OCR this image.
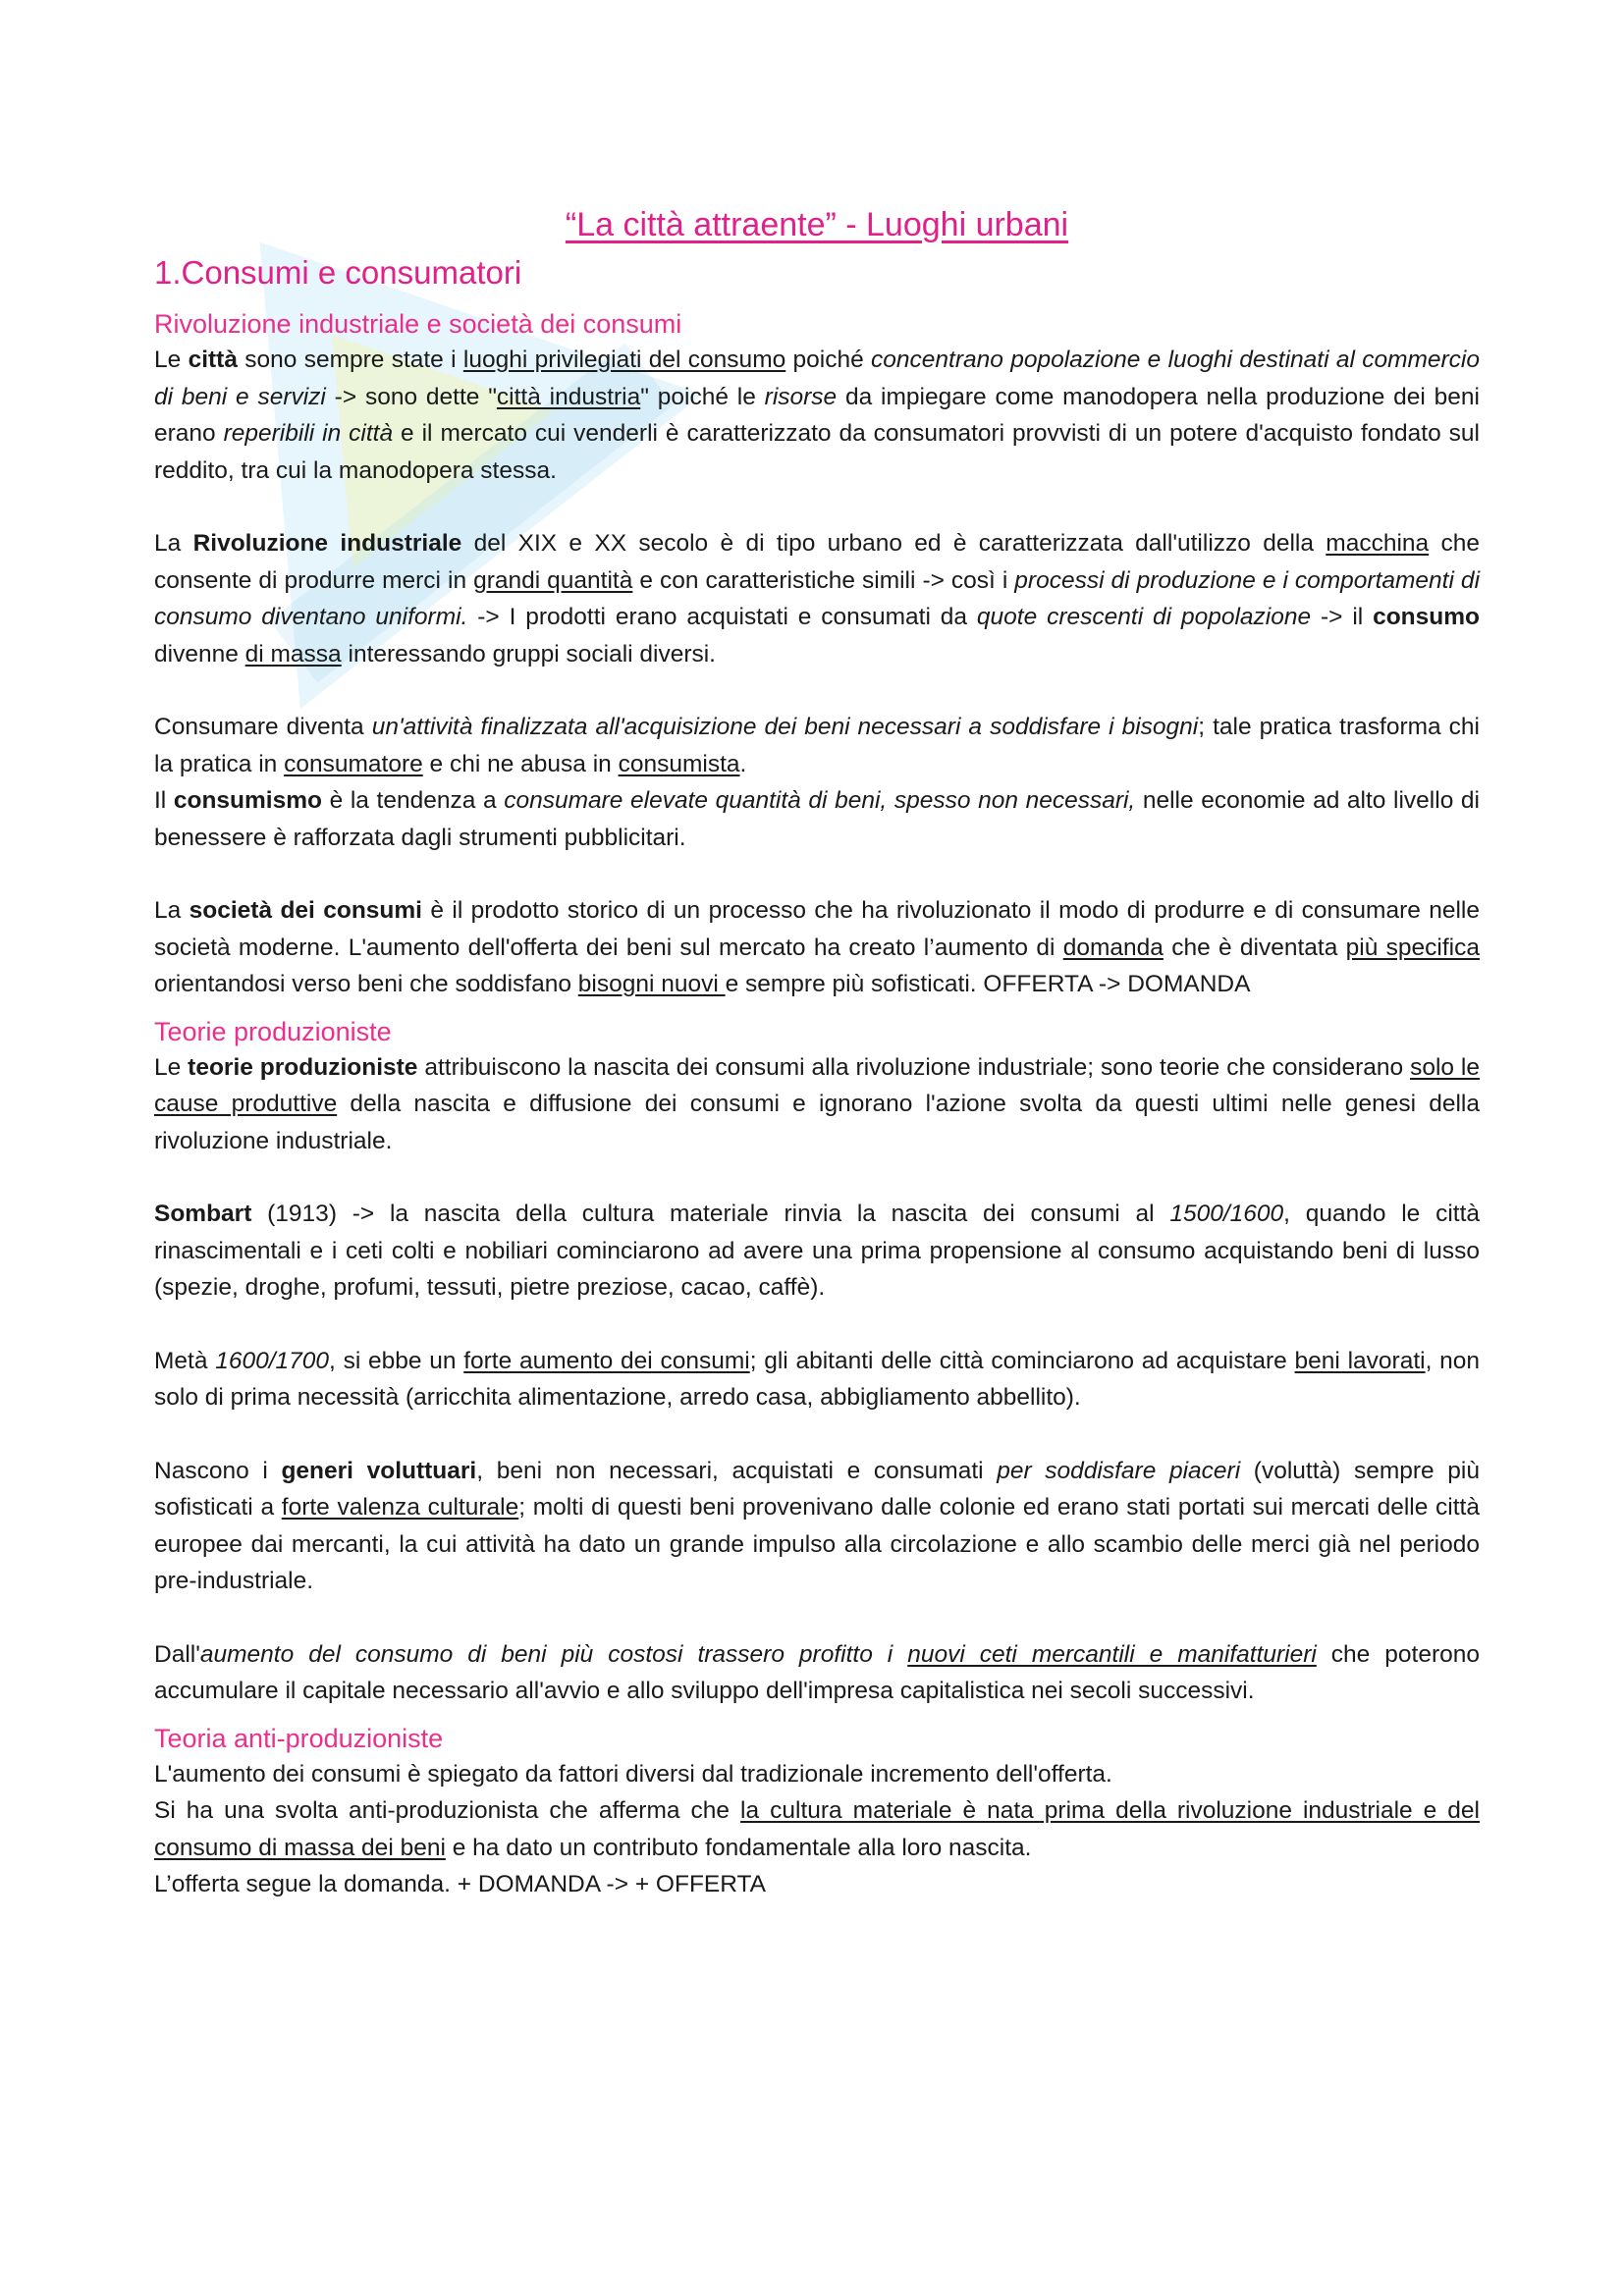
“La città attraente” - Luoghi urbani
1.Consumi e consumatori
Rivoluzione industriale e società dei consumi

Le città sono sempre state i luoghi privilegiati del consumo poiché concentrano popolazione e luoghi destinati al commercio di beni e servizi -> sono dette "città industria" poiché le risorse da impiegare come manodopera nella produzione dei beni erano reperibili in città e il mercato cui venderli è caratterizzato da consumatori provvisti di un potere d'acquisto fondato sul reddito, tra cui la manodopera stessa.

La Rivoluzione industriale del XIX e XX secolo è di tipo urbano ed è caratterizzata dall'utilizzo della macchina che consente di produrre merci in grandi quantità e con caratteristiche simili -> così i processi di produzione e i comportamenti di consumo diventano uniformi. -> I prodotti erano acquistati e consumati da quote crescenti di popolazione -> il consumo divenne di massa interessando gruppi sociali diversi.

Consumare diventa un'attività finalizzata all'acquisizione dei beni necessari a soddisfare i bisogni; tale pratica trasforma chi la pratica in consumatore e chi ne abusa in consumista.

Il consumismo è la tendenza a consumare elevate quantità di beni, spesso non necessari, nelle economie ad alto livello di benessere è rafforzata dagli strumenti pubblicitari.

La società dei consumi è il prodotto storico di un processo che ha rivoluzionato il modo di produrre e di consumare nelle società moderne. L'aumento dell'offerta dei beni sul mercato ha creato l’aumento di domanda che è diventata più specifica orientandosi verso beni che soddisfano bisogni nuovi e sempre più sofisticati. OFFERTA -> DOMANDA

Teorie produzioniste

Le teorie produzioniste attribuiscono la nascita dei consumi alla rivoluzione industriale; sono teorie che considerano solo le cause produttive della nascita e diffusione dei consumi e ignorano l'azione svolta da questi ultimi nelle genesi della rivoluzione industriale.

Sombart (1913) -> la nascita della cultura materiale rinvia la nascita dei consumi al 1500/1600, quando le città rinascimentali e i ceti colti e nobiliari cominciarono ad avere una prima propensione al consumo acquistando beni di lusso (spezie, droghe, profumi, tessuti, pietre preziose, cacao, caffè).

Metà 1600/1700, si ebbe un forte aumento dei consumi; gli abitanti delle città cominciarono ad acquistare beni lavorati, non solo di prima necessità (arricchita alimentazione, arredo casa, abbigliamento abbellito).

Nascono i generi voluttuari, beni non necessari, acquistati e consumati per soddisfare piaceri (voluttà) sempre più sofisticati a forte valenza culturale; molti di questi beni provenivano dalle colonie ed erano stati portati sui mercati delle città europee dai mercanti, la cui attività ha dato un grande impulso alla circolazione e allo scambio delle merci già nel periodo pre-industriale.

Dall'aumento del consumo di beni più costosi trassero profitto i nuovi ceti mercantili e manifatturieri che poterono accumulare il capitale necessario all'avvio e allo sviluppo dell'impresa capitalistica nei secoli successivi.

Teoria anti-produzioniste

L'aumento dei consumi è spiegato da fattori diversi dal tradizionale incremento dell'offerta.

Si ha una svolta anti-produzionista che afferma che la cultura materiale è nata prima della rivoluzione industriale e del consumo di massa dei beni e ha dato un contributo fondamentale alla loro nascita.

L’offerta segue la domanda. + DOMANDA -> + OFFERTA
